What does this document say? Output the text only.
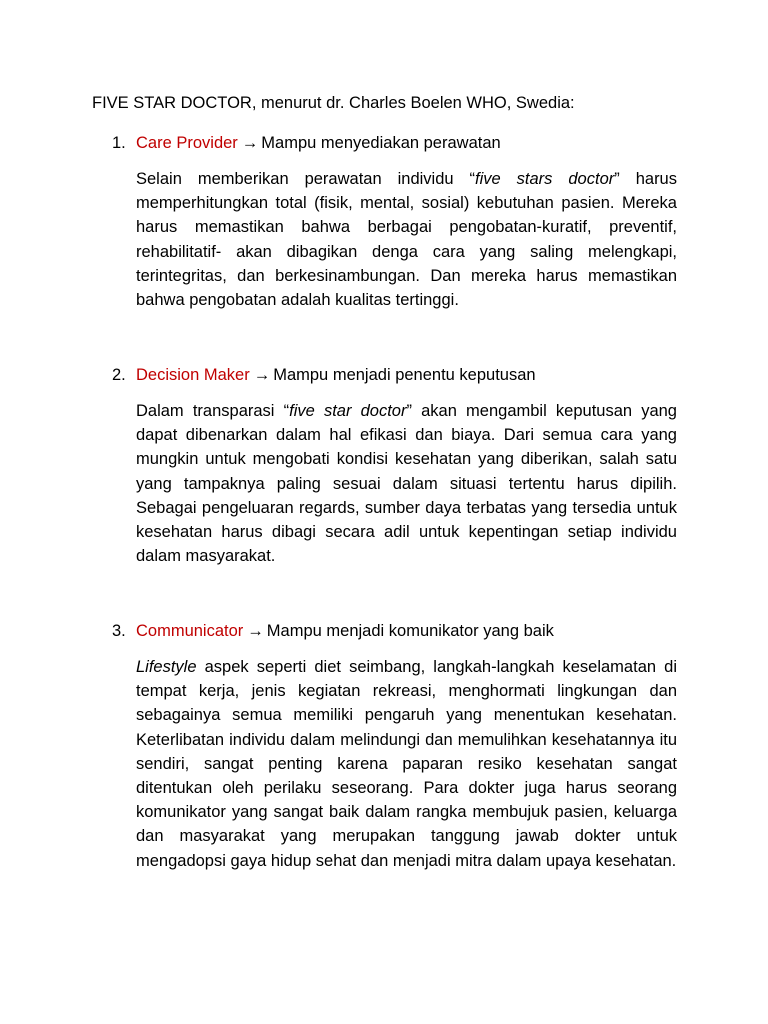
FIVE STAR DOCTOR, menurut dr. Charles Boelen WHO, Swedia:
1. Care Provider → Mampu menyediakan perawatan
Selain memberikan perawatan individu “five stars doctor” harus memperhitungkan total (fisik, mental, sosial) kebutuhan pasien. Mereka harus memastikan bahwa berbagai pengobatan-kuratif, preventif, rehabilitatif- akan dibagikan denga cara yang saling melengkapi, terintegritas, dan berkesinambungan. Dan mereka harus memastikan bahwa pengobatan adalah kualitas tertinggi.
2. Decision Maker → Mampu menjadi penentu keputusan
Dalam transparasi “five star doctor” akan mengambil keputusan yang dapat dibenarkan dalam hal efikasi dan biaya. Dari semua cara yang mungkin untuk mengobati kondisi kesehatan yang diberikan, salah satu yang tampaknya paling sesuai dalam situasi tertentu harus dipilih. Sebagai pengeluaran regards, sumber daya terbatas yang tersedia untuk kesehatan harus dibagi secara adil untuk kepentingan setiap individu dalam masyarakat.
3. Communicator → Mampu menjadi komunikator yang baik
Lifestyle aspek seperti diet seimbang, langkah-langkah keselamatan di tempat kerja, jenis kegiatan rekreasi, menghormati lingkungan dan sebagainya semua memiliki pengaruh yang menentukan kesehatan. Keterlibatan individu dalam melindungi dan memulihkan kesehatannya itu sendiri, sangat penting karena paparan resiko kesehatan sangat ditentukan oleh perilaku seseorang. Para dokter juga harus seorang komunikator yang sangat baik dalam rangka membujuk pasien, keluarga dan masyarakat yang merupakan tanggung jawab dokter untuk mengadopsi gaya hidup sehat dan menjadi mitra dalam upaya kesehatan.
